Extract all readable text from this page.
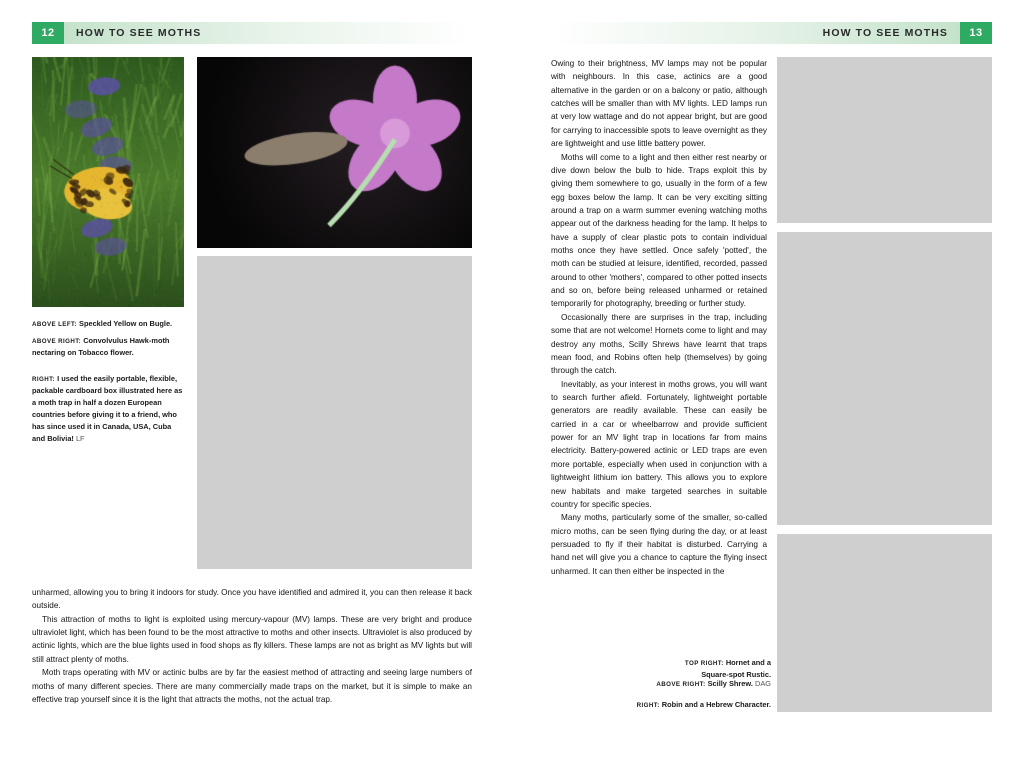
12	HOW TO SEE MOTHS	HOW TO SEE MOTHS	13
ABOVE LEFT: Speckled Yellow on Bugle.
ABOVE RIGHT: Convolvulus Hawk-moth nectaring on Tobacco flower.
RIGHT: I used the easily portable, flexible, packable cardboard box illustrated here as a moth trap in half a dozen European countries before giving it to a friend, who has since used it in Canada, USA, Cuba and Bolivia! LF

unharmed, allowing you to bring it indoors for study. Once you have identified and admired it, you can then release it back outside.

This attraction of moths to light is exploited using mercury-vapour (MV) lamps. These are very bright and produce ultraviolet light, which has been found to be the most attractive to moths and other insects. Ultraviolet is also produced by actinic lights, which are the blue lights used in food shops as fly killers. These lamps are not as bright as MV lights but will still attract plenty of moths.

Moth traps operating with MV or actinic bulbs are by far the easiest method of attracting and seeing large numbers of moths of many different species. There are many commercially made traps on the market, but it is simple to make an effective trap yourself since it is the light that attracts the moths, not the actual trap.

Owing to their brightness, MV lamps may not be popular with neighbours. In this case, actinics are a good alternative in the garden or on a balcony or patio, although catches will be smaller than with MV lights. LED lamps run at very low wattage and do not appear bright, but are good for carrying to inaccessible spots to leave overnight as they are lightweight and use little battery power.

Moths will come to a light and then either rest nearby or dive down below the bulb to hide. Traps exploit this by giving them somewhere to go, usually in the form of a few egg boxes below the lamp. It can be very exciting sitting around a trap on a warm summer evening watching moths appear out of the darkness heading for the lamp. It helps to have a supply of clear plastic pots to contain individual moths once they have settled. Once safely 'potted', the moth can be studied at leisure, identified, recorded, passed around to other 'mothers', compared to other potted insects and so on, before being released unharmed or retained temporarily for photography, breeding or further study.

Occasionally there are surprises in the trap, including some that are not welcome! Hornets come to light and may destroy any moths, Scilly Shrews have learnt that traps mean food, and Robins often help (themselves) by going through the catch.

Inevitably, as your interest in moths grows, you will want to search further afield. Fortunately, lightweight portable generators are readily available. These can easily be carried in a car or wheelbarrow and provide sufficient power for an MV light trap in locations far from mains electricity. Battery-powered actinic or LED traps are even more portable, especially when used in conjunction with a lightweight lithium ion battery. This allows you to explore new habitats and make targeted searches in suitable country for specific species.

Many moths, particularly some of the smaller, so-called micro moths, can be seen flying during the day, or at least persuaded to fly if their habitat is disturbed. Carrying a hand net will give you a chance to capture the flying insect unharmed. It can then either be inspected in the

TOP RIGHT: Hornet and a Square-spot Rustic.
ABOVE RIGHT: Scilly Shrew. DAG
RIGHT: Robin and a Hebrew Character.
